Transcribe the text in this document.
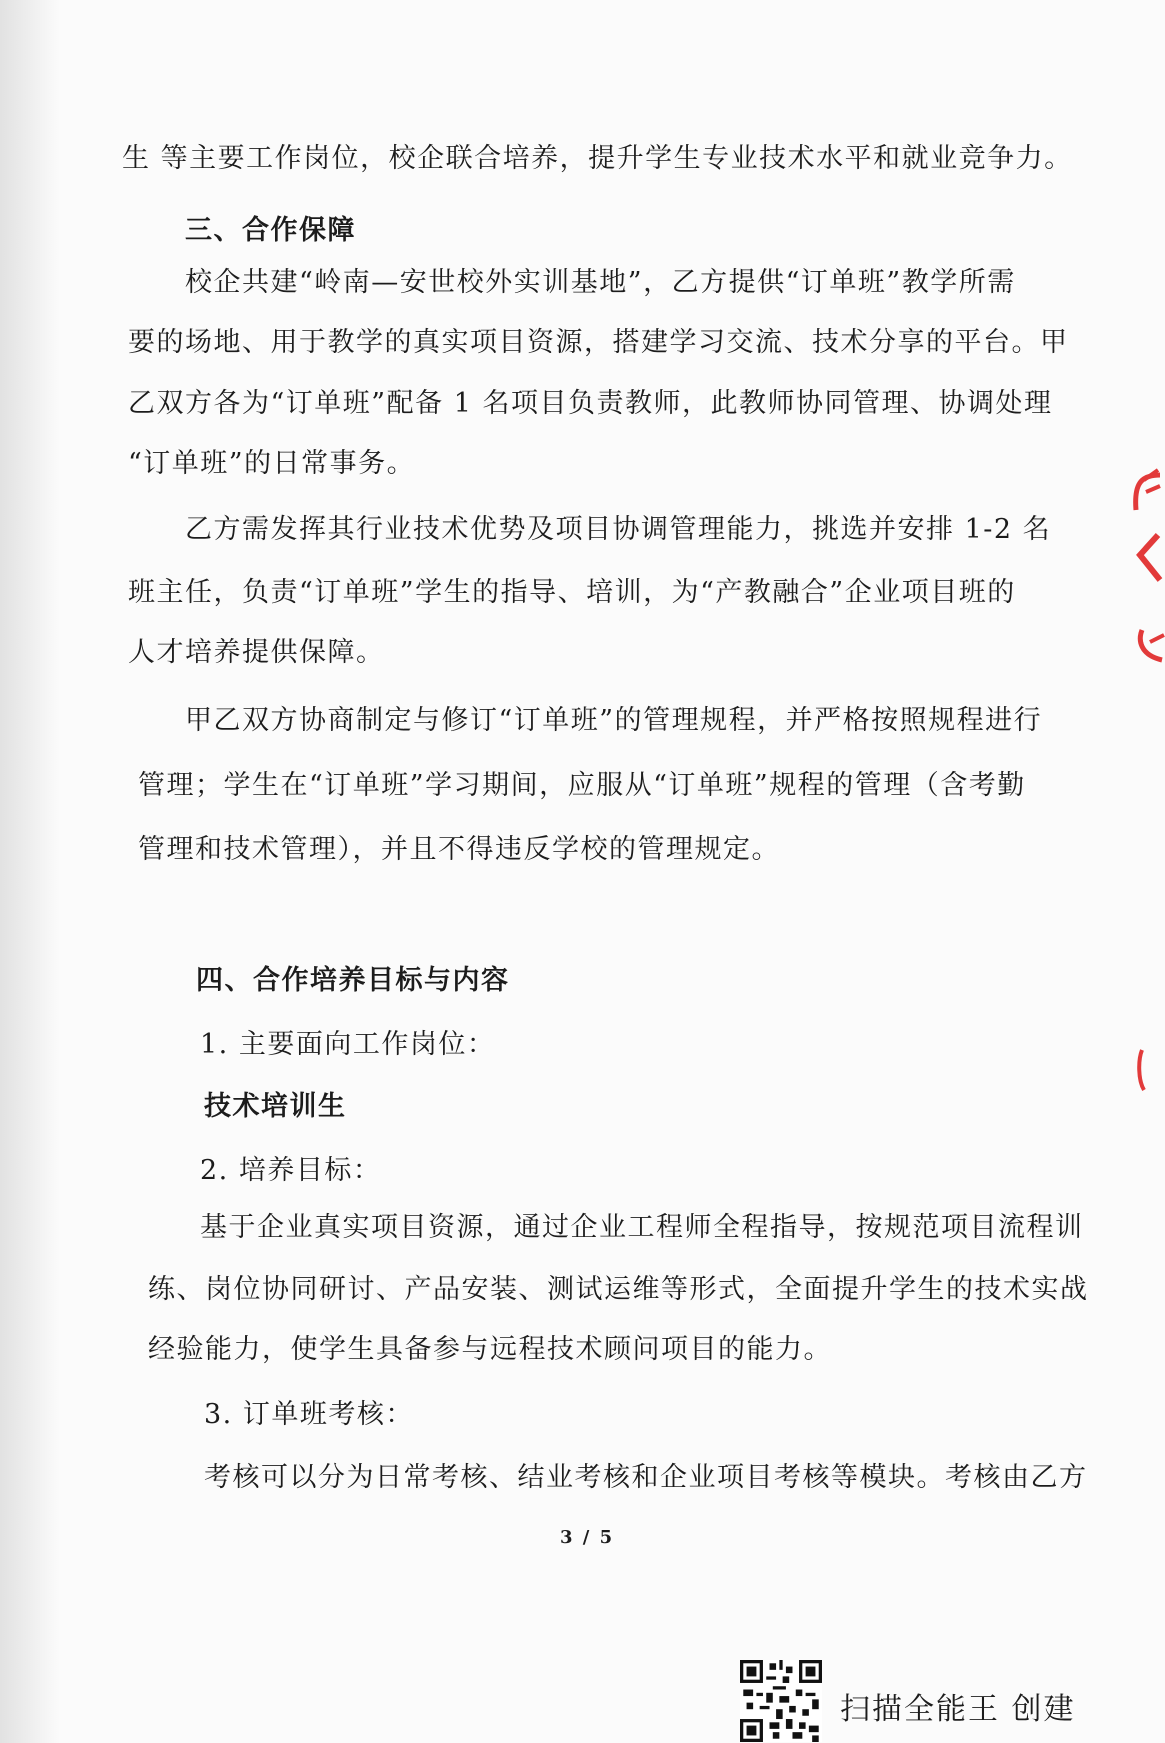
生 等主要工作岗位，校企联合培养，提升学生专业技术水平和就业竞争力。
三、合作保障
校企共建“岭南—安世校外实训基地”，乙方提供“订单班”教学所需
要的场地、用于教学的真实项目资源，搭建学习交流、技术分享的平台。甲
乙双方各为“订单班”配备 1 名项目负责教师，此教师协同管理、协调处理
“订单班”的日常事务。
乙方需发挥其行业技术优势及项目协调管理能力，挑选并安排 1-2 名
班主任，负责“订单班”学生的指导、培训，为“产教融合”企业项目班的
人才培养提供保障。
甲乙双方协商制定与修订“订单班”的管理规程，并严格按照规程进行
管理；学生在“订单班”学习期间，应服从“订单班”规程的管理（含考勤
管理和技术管理），并且不得违反学校的管理规定。
四、合作培养目标与内容
1. 主要面向工作岗位：
技术培训生
2. 培养目标：
基于企业真实项目资源，通过企业工程师全程指导，按规范项目流程训
练、岗位协同研讨、产品安装、测试运维等形式，全面提升学生的技术实战
经验能力，使学生具备参与远程技术顾问项目的能力。
3. 订单班考核：
考核可以分为日常考核、结业考核和企业项目考核等模块。考核由乙方
3 / 5
扫描全能王 创建
